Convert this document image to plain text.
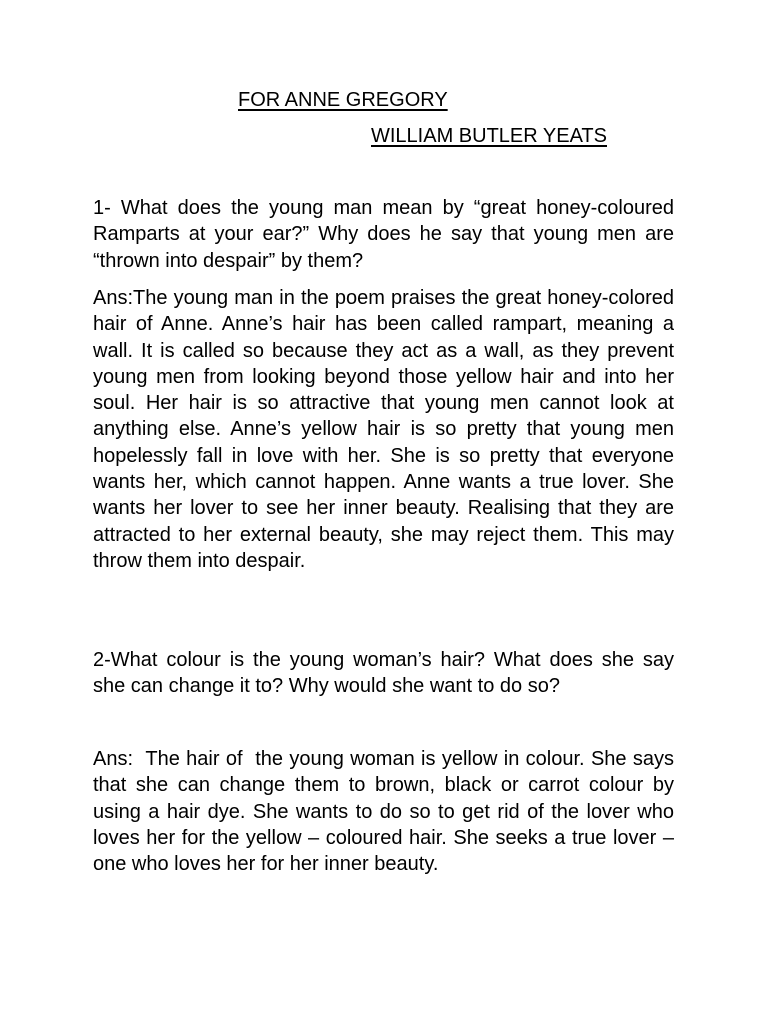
FOR ANNE GREGORY
WILLIAM BUTLER YEATS

1- What does the young man mean by “great honey-coloured Ramparts at your ear?” Why does he say that young men are “thrown into despair” by them?

Ans:The young man in the poem praises the great honey-colored hair of Anne. Anne’s hair has been called rampart, meaning a wall. It is called so because they act as a wall, as they prevent young men from looking beyond those yellow hair and into her soul. Her hair is so attractive that young men cannot look at anything else. Anne’s yellow hair is so pretty that young men hopelessly fall in love with her. She is so pretty that everyone wants her, which cannot happen. Anne wants a true lover. She wants her lover to see her inner beauty. Realising that they are attracted to her external beauty, she may reject them. This may throw them into despair.

2-What colour is the young woman’s hair? What does she say she can change it to? Why would she want to do so?

Ans:  The hair of  the young woman is yellow in colour. She says that she can change them to brown, black or carrot colour by using a hair dye. She wants to do so to get rid of the lover who loves her for the yellow – coloured hair. She seeks a true lover – one who loves her for her inner beauty.
